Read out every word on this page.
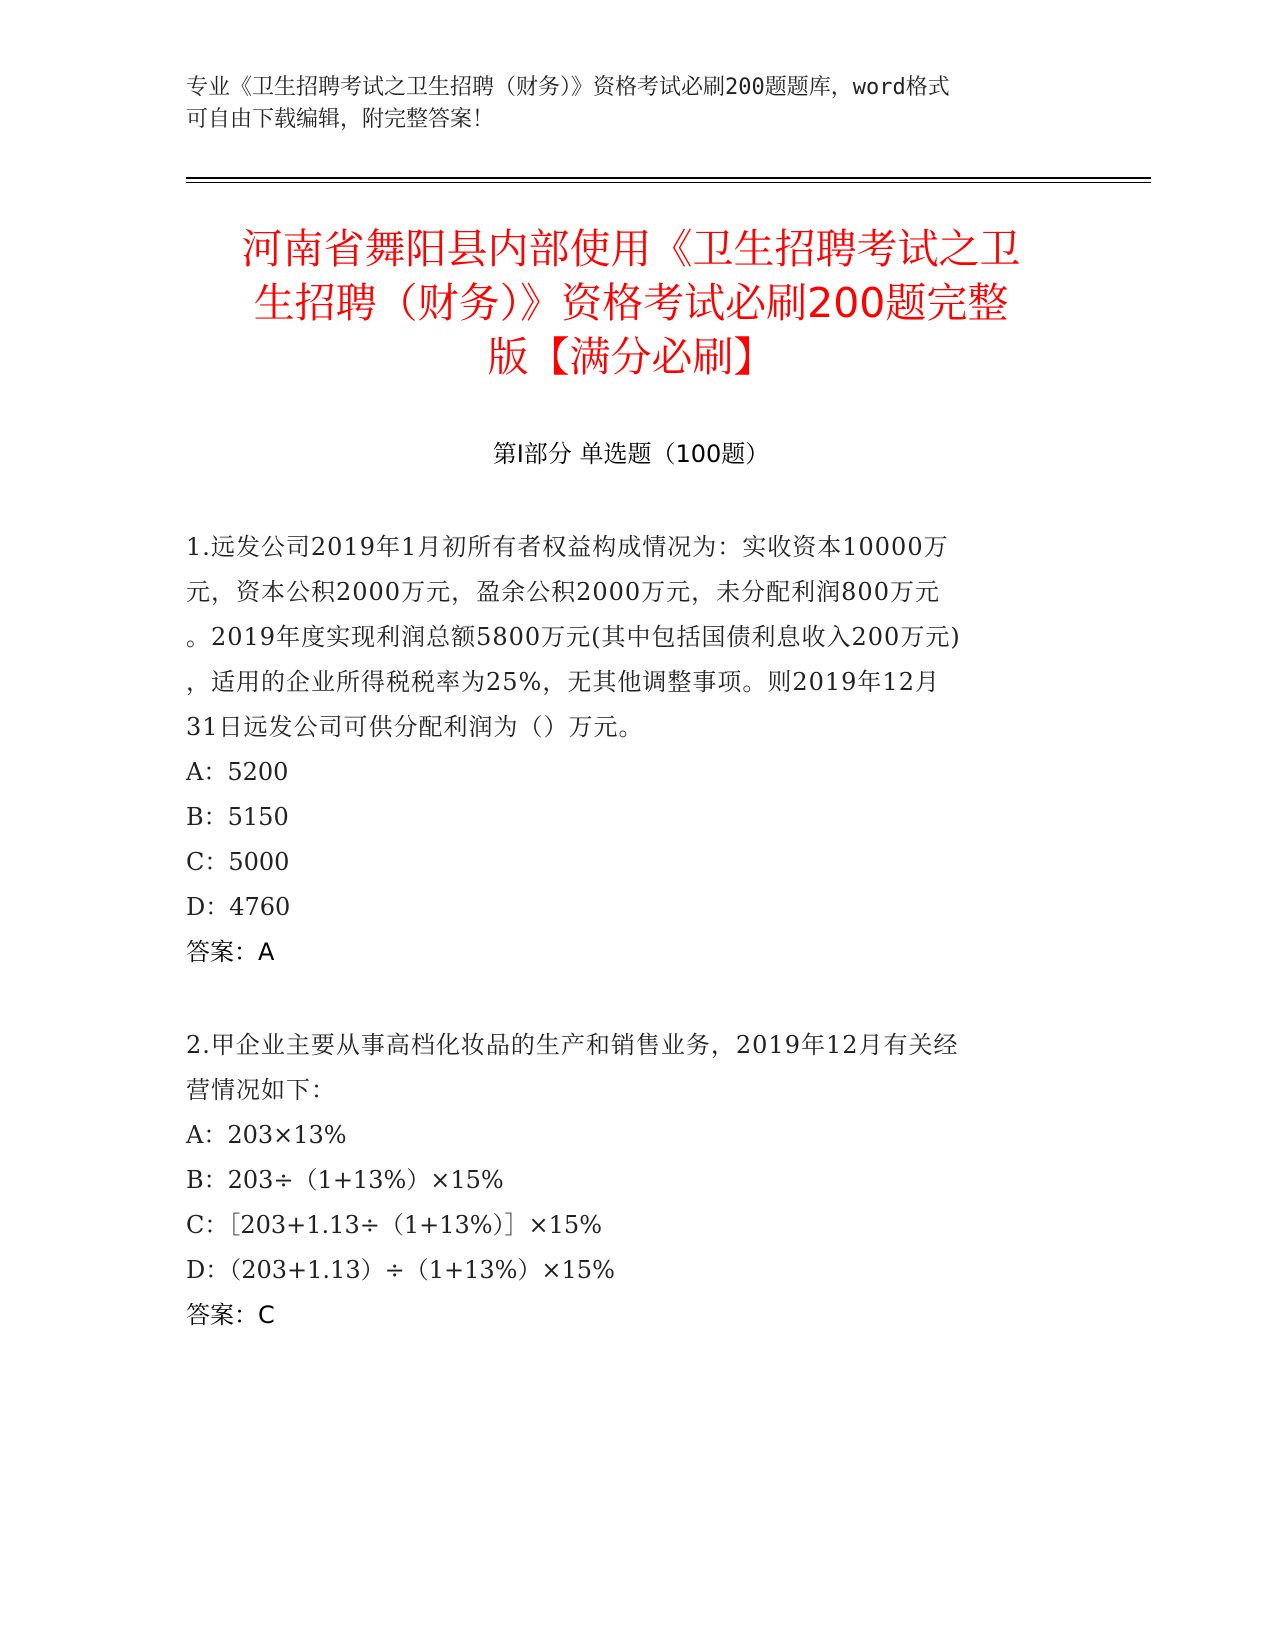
专业《卫生招聘考试之卫生招聘（财务）》资格考试必刷200题题库，word格式
可自由下载编辑，附完整答案！
河南省舞阳县内部使用《卫生招聘考试之卫
生招聘（财务）》资格考试必刷200题完整
版【满分必刷】
第Ⅰ部分 单选题（100题）
1.远发公司2019年1月初所有者权益构成情况为：实收资本10000万
元，资本公积2000万元，盈余公积2000万元，未分配利润800万元
。2019年度实现利润总额5800万元(其中包括国债利息收入200万元)
，适用的企业所得税税率为25%，无其他调整事项。则2019年12月
31日远发公司可供分配利润为（）万元。
A：5200
B：5150
C：5000
D：4760
答案：A
2.甲企业主要从事高档化妆品的生产和销售业务，2019年12月有关经
营情况如下：
A：203×13%
B：203÷（1+13%）×15%
C：［203+1.13÷（1+13%）］×15%
D：（203+1.13）÷（1+13%）×15%
答案：C
